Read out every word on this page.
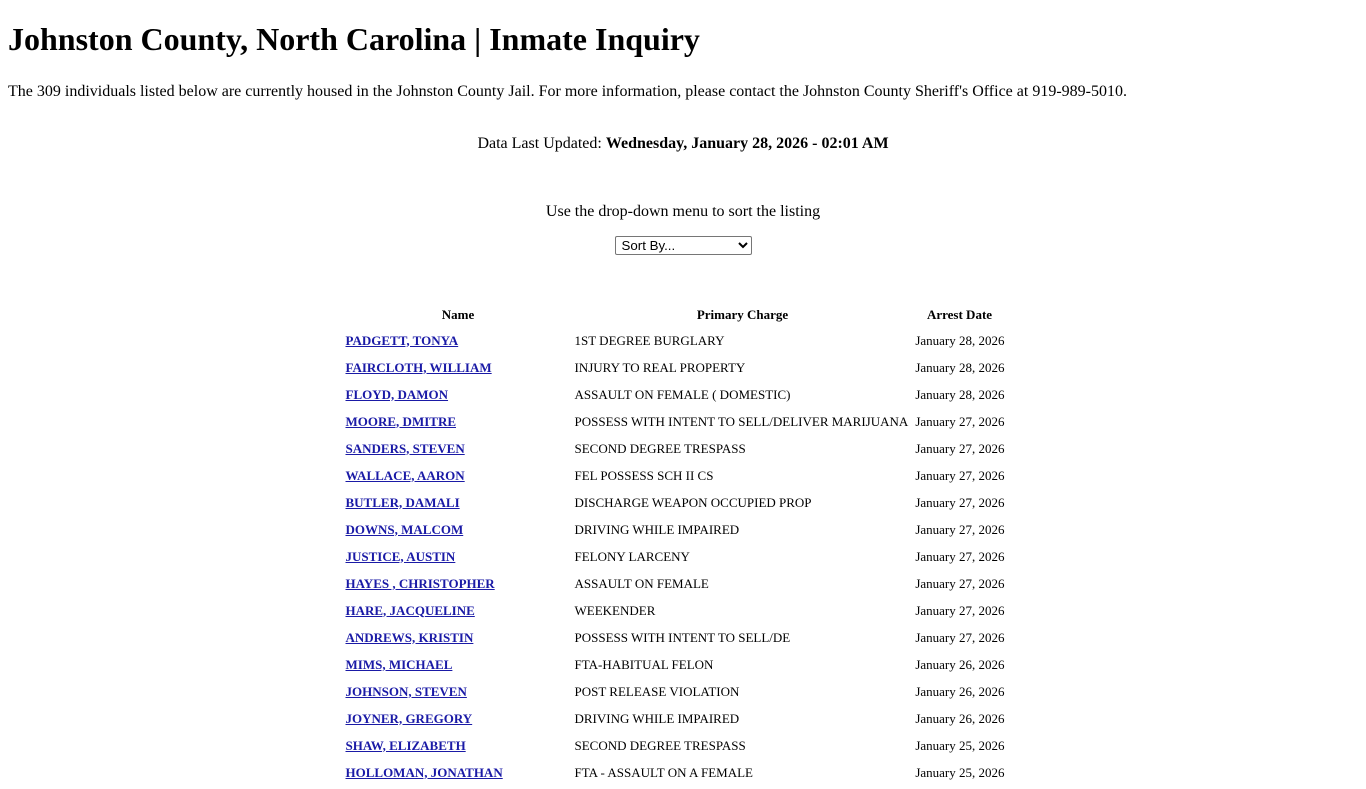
Johnston County, North Carolina | Inmate Inquiry

The 309 individuals listed below are currently housed in the Johnston County Jail. For more information, please contact the Johnston County Sheriff's Office at 919-989-5010.

Data Last Updated: Wednesday, January 28, 2026 - 02:01 AM
Use the drop-down menu to sort the listing
Sort By...
Name	Primary Charge	Arrest Date
PADGETT, TONYA	1ST DEGREE BURGLARY	January 28, 2026
FAIRCLOTH, WILLIAM	INJURY TO REAL PROPERTY	January 28, 2026
FLOYD, DAMON	ASSAULT ON FEMALE ( DOMESTIC)	January 28, 2026
MOORE, DMITRE	POSSESS WITH INTENT TO SELL/DELIVER MARIJUANA	January 27, 2026
SANDERS, STEVEN	SECOND DEGREE TRESPASS	January 27, 2026
WALLACE, AARON	FEL POSSESS SCH II CS	January 27, 2026
BUTLER, DAMALI	DISCHARGE WEAPON OCCUPIED PROP	January 27, 2026
DOWNS, MALCOM	DRIVING WHILE IMPAIRED	January 27, 2026
JUSTICE, AUSTIN	FELONY LARCENY	January 27, 2026
HAYES , CHRISTOPHER	ASSAULT ON FEMALE	January 27, 2026
HARE, JACQUELINE	WEEKENDER	January 27, 2026
ANDREWS, KRISTIN	POSSESS WITH INTENT TO SELL/DE	January 27, 2026
MIMS, MICHAEL	FTA-HABITUAL FELON	January 26, 2026
JOHNSON, STEVEN	POST RELEASE VIOLATION	January 26, 2026
JOYNER, GREGORY	DRIVING WHILE IMPAIRED	January 26, 2026
SHAW, ELIZABETH	SECOND DEGREE TRESPASS	January 25, 2026
HOLLOMAN, JONATHAN	FTA - ASSAULT ON A FEMALE	January 25, 2026
